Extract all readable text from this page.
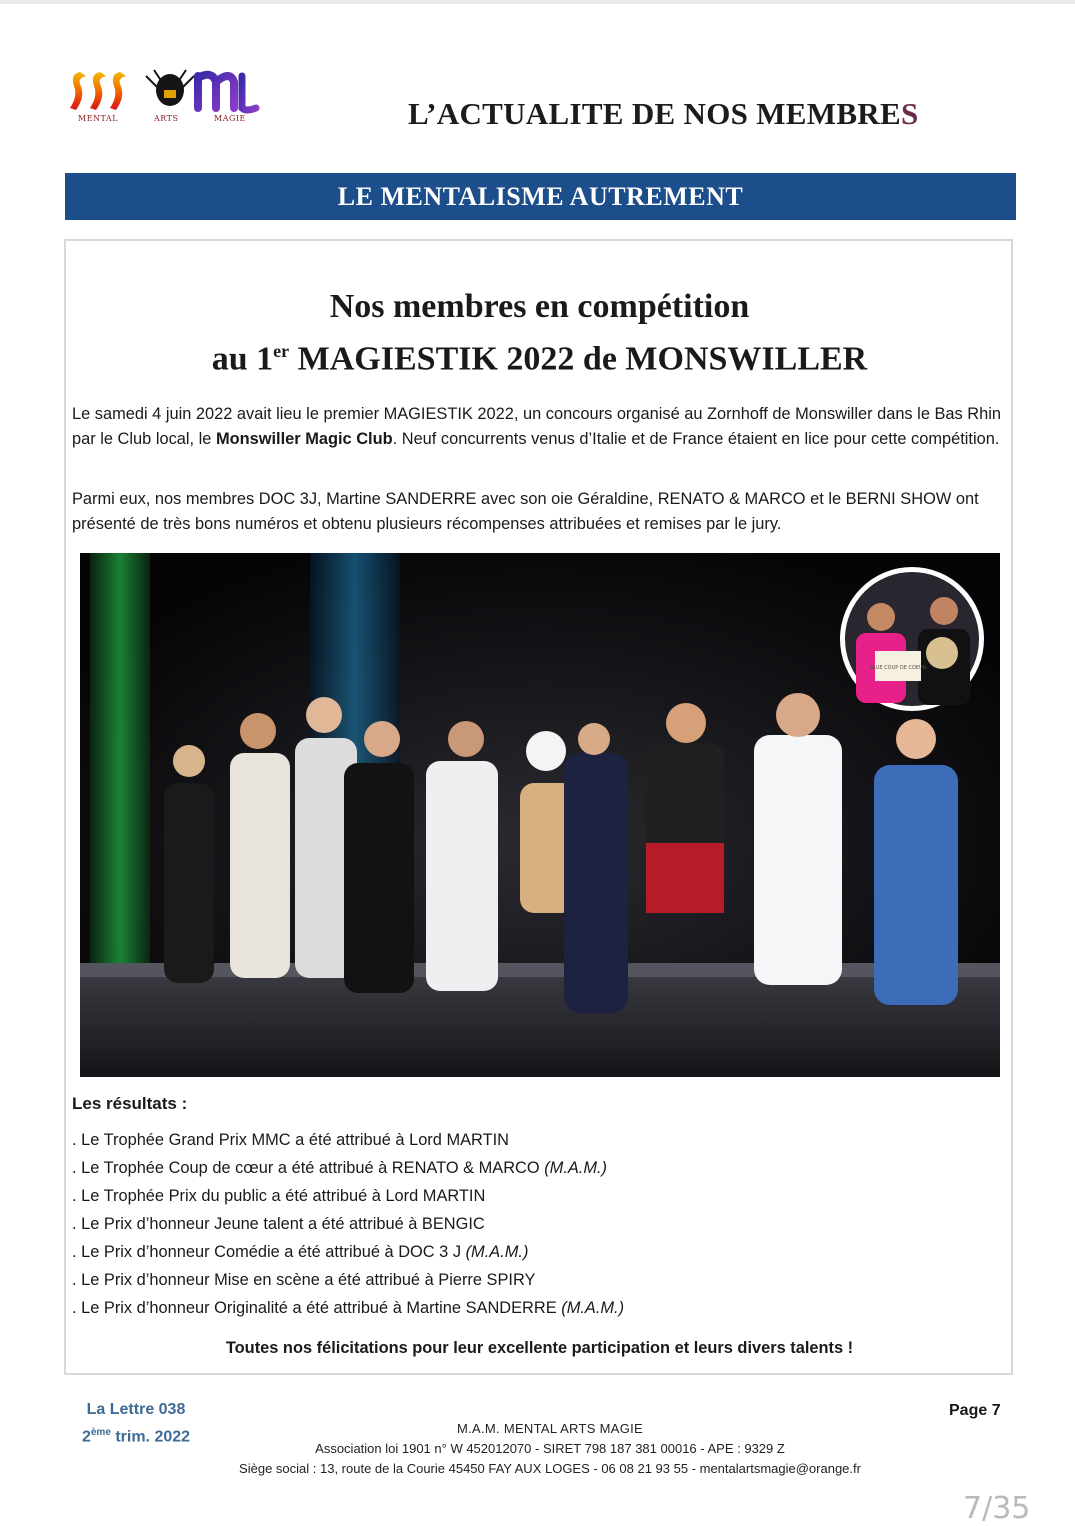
MENTAL	ARTS	MAGIE	L’ACTUALITE DE NOS MEMBRES
LE MENTALISME AUTREMENT
Nos membres en compétition
au 1er MAGIESTIK 2022 de MONSWILLER
Le samedi 4 juin 2022 avait lieu le premier MAGIESTIK 2022, un concours organisé au Zornhoff de Monswiller dans le Bas Rhin par le Club local, le Monswiller Magic Club. Neuf concurrents venus d’Italie et de France étaient en lice pour cette compétition.
Parmi eux, nos membres DOC 3J, Martine SANDERRE avec son oie Géraldine, RENATO & MARCO et le BERNI SHOW ont présenté de très bons numéros et obtenu plusieurs récompenses attribuées et remises par le jury.
BLUE COUP DE COEUR
Les résultats :
. Le Trophée Grand Prix MMC a été attribué à Lord MARTIN
. Le Trophée Coup de cœur a été attribué à RENATO & MARCO (M.A.M.)
. Le Trophée Prix du public a été attribué à Lord MARTIN
. Le Prix d’honneur Jeune talent a été attribué à BENGIC
. Le Prix d’honneur Comédie a été attribué à DOC 3 J (M.A.M.)
. Le Prix d’honneur Mise en scène a été attribué à Pierre SPIRY
. Le Prix d’honneur Originalité a été attribué à Martine SANDERRE (M.A.M.)
Toutes nos félicitations pour leur excellente participation et leurs divers talents !
La Lettre 038
2ème trim. 2022
Page 7
M.A.M. MENTAL ARTS MAGIE
Association loi 1901 n° W 452012070 - SIRET 798 187 381 00016 - APE : 9329 Z
Siège social : 13, route de la Courie 45450 FAY AUX LOGES - 06 08 21 93 55 - mentalartsmagie@orange.fr
7/35
